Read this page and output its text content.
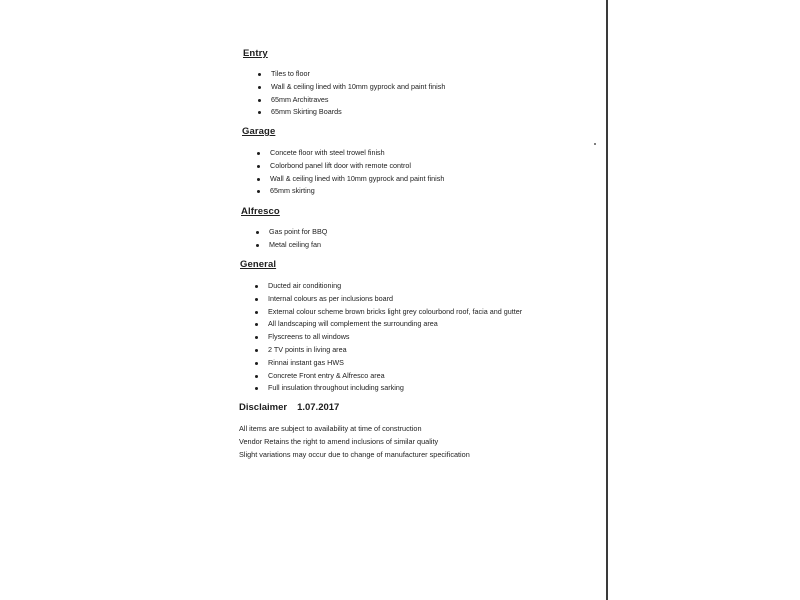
Entry
Tiles to floor
Wall & ceiling lined with 10mm gyprock and paint finish
65mm Architraves
65mm Skirting Boards
Garage
Concete floor with steel trowel finish
Colorbond panel lift door with remote control
Wall & ceiling lined with 10mm gyprock and paint finish
65mm skirting
Alfresco
Gas point for BBQ
Metal ceiling fan
General
Ducted air conditioning
Internal colours as per inclusions board
External colour scheme brown bricks light grey colourbond roof, facia and gutter
All landscaping will complement the surrounding area
Flyscreens to all windows
2 TV points in living area
Rinnai instant gas HWS
Concrete Front entry & Alfresco area
Full insulation throughout including sarking
Disclaimer 1.07.2017
All items are subject to availability at time of construction
Vendor Retains the right to amend inclusions of similar quality
Slight variations may occur due to change of manufacturer specification
